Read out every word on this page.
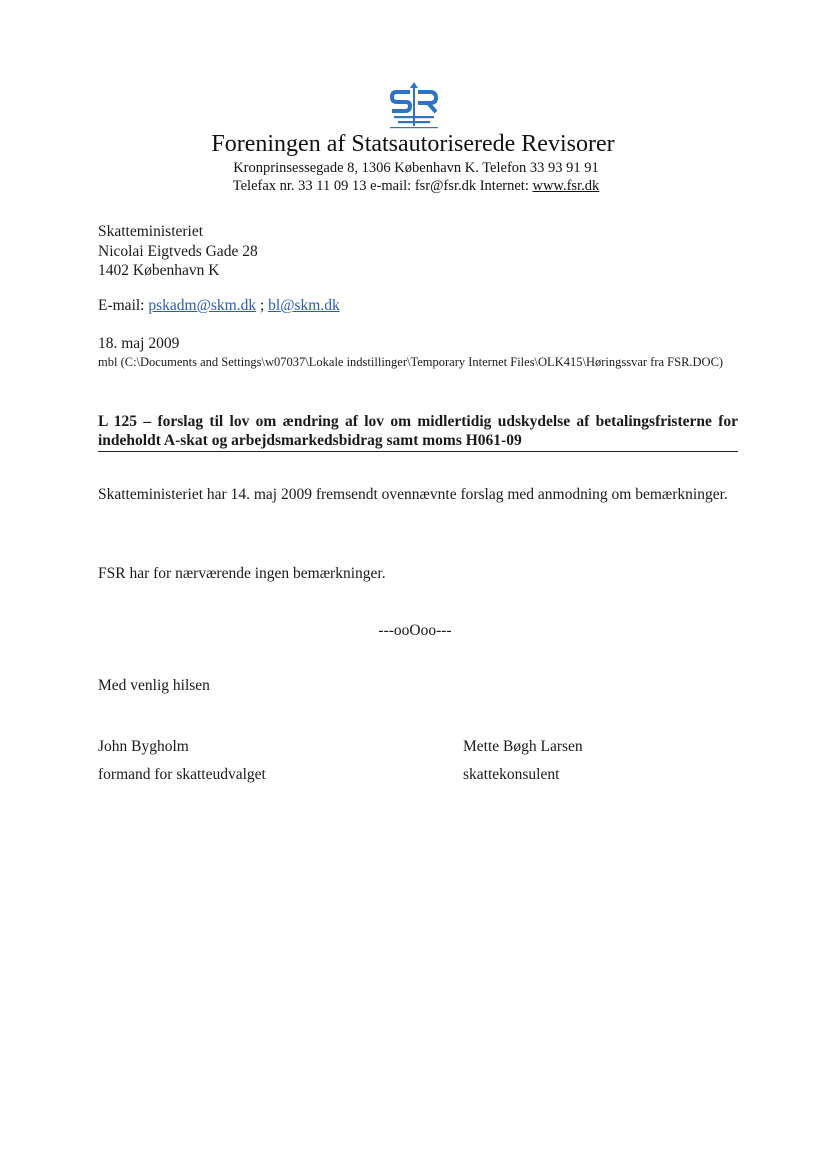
Foreningen af Statsautoriserede Revisorer
Kronprinsessegade 8, 1306 København K. Telefon 33 93 91 91
Telefax nr. 33 11 09 13 e-mail: fsr@fsr.dk Internet: www.fsr.dk
Skatteministeriet
Nicolai Eigtveds Gade 28
1402 København K
E-mail: pskadm@skm.dk ; bl@skm.dk
18. maj 2009
mbl (C:\Documents and Settings\w07037\Lokale indstillinger\Temporary Internet Files\OLK415\Høringssvar fra FSR.DOC)
L 125 – forslag til lov om ændring af lov om midlertidig udskydelse af betalingsfristerne for indeholdt A-skat og arbejdsmarkedsbidrag samt moms H061-09
Skatteministeriet har 14. maj 2009 fremsendt ovennævnte forslag med anmodning om bemærkninger.
FSR har for nærværende ingen bemærkninger.
---ooOoo---
Med venlig hilsen
John Bygholm
formand for skatteudvalget
Mette Bøgh Larsen
skattekonsulent
